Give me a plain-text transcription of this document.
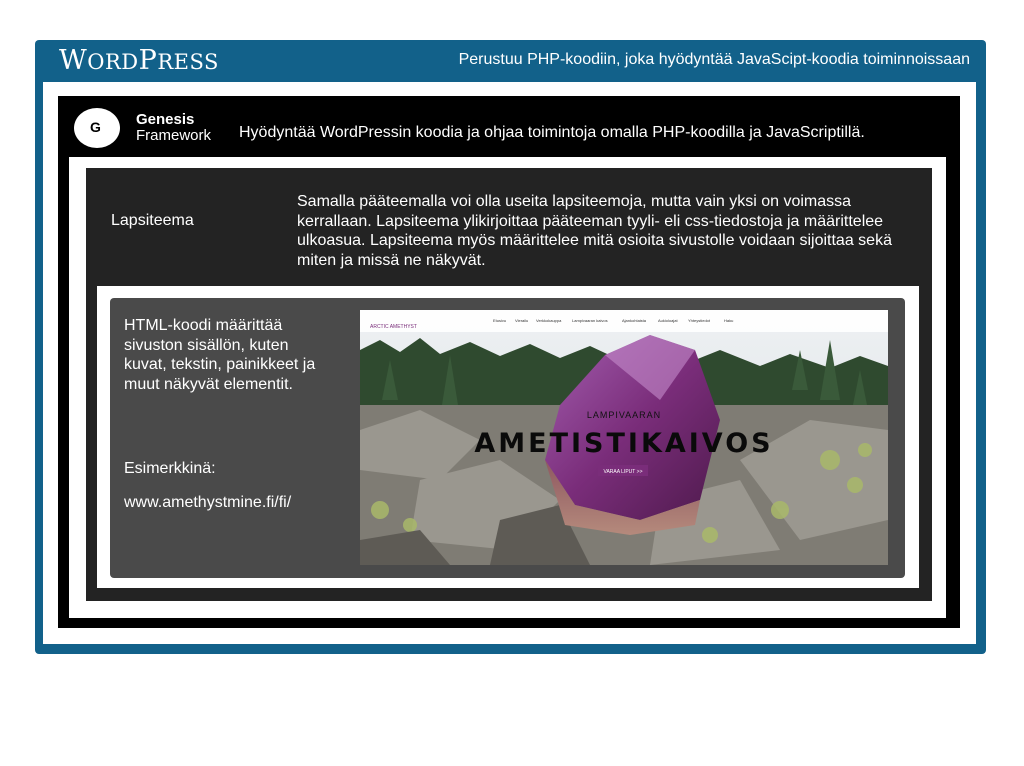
WORDPRESS	Perustuu PHP-koodiin, joka hyödyntää JavaScipt-koodia toiminnoissaan
G Genesis
Framework Hyödyntää WordPressin koodia ja ohjaa toimintoja omalla PHP-koodilla ja JavaScriptillä.
Lapsiteema
Samalla pääteemalla voi olla useita lapsiteemoja, mutta vain yksi on voimassa kerrallaan. Lapsiteema ylikirjoittaa pääteeman tyyli- eli css-tiedostoja ja määrittelee ulkoasua. Lapsiteema myös määrittelee mitä osioita sivustolle voidaan sijoittaa sekä miten ja missä ne näkyvät.
HTML-koodi määrittää sivuston sisällön, kuten kuvat, tekstin, painikkeet ja muut näkyvät elementit.
Esimerkkinä:
www.amethystmine.fi/fi/
ARCTIC AMETHYST
Etusivu Vierailu Verkkokauppa	Lampivaaran kaivos	Ajankohtaista	Aukioloajat	Yhteystiedot	Haku
LAMPIVAARAN
AMETISTIKAIVOS
VARAA LIPUT >>
